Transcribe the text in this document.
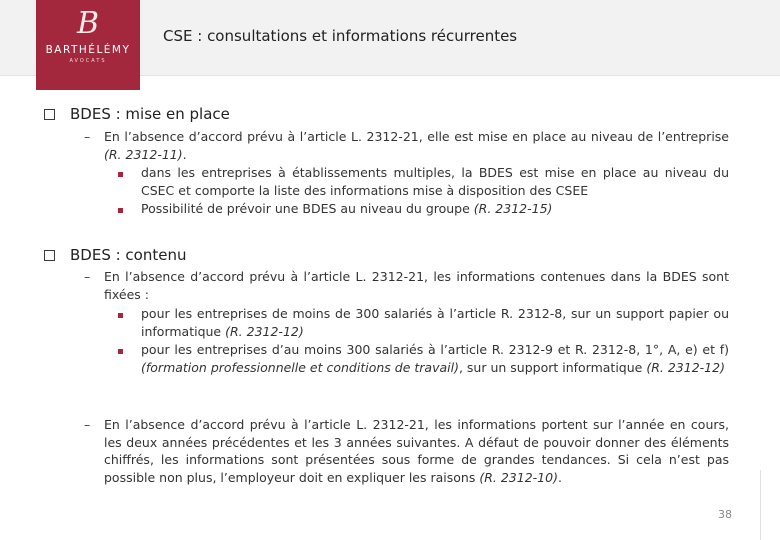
B
BARTHÉLÉMY
AVOCATS
CSE : consultations et informations récurrentes
BDES : mise en place
– En l’absence d’accord prévu à l’article L. 2312-21, elle est mise en place au niveau de l’entreprise (R. 2312-11).

dans les entreprises à établissements multiples, la BDES est mise en place au niveau du CSEC et comporte la liste des informations mise à disposition des CSEE

Possibilité de prévoir une BDES au niveau du groupe (R. 2312-15)

BDES : contenu
– En l’absence d’accord prévu à l’article L. 2312-21, les informations contenues dans la BDES sont fixées :

pour les entreprises de moins de 300 salariés à l’article R. 2312-8, sur un support papier ou informatique (R. 2312-12)

pour les entreprises d’au moins 300 salariés à l’article R. 2312-9 et R. 2312-8, 1°, A, e) et f) (formation professionnelle et conditions de travail), sur un support informatique (R. 2312-12)

– En l’absence d’accord prévu à l’article L. 2312-21, les informations portent sur l’année en cours, les deux années précédentes et les 3 années suivantes. A défaut de pouvoir donner des éléments chiffrés, les informations sont présentées sous forme de grandes tendances. Si cela n’est pas possible non plus, l’employeur doit en expliquer les raisons (R. 2312-10).

38
